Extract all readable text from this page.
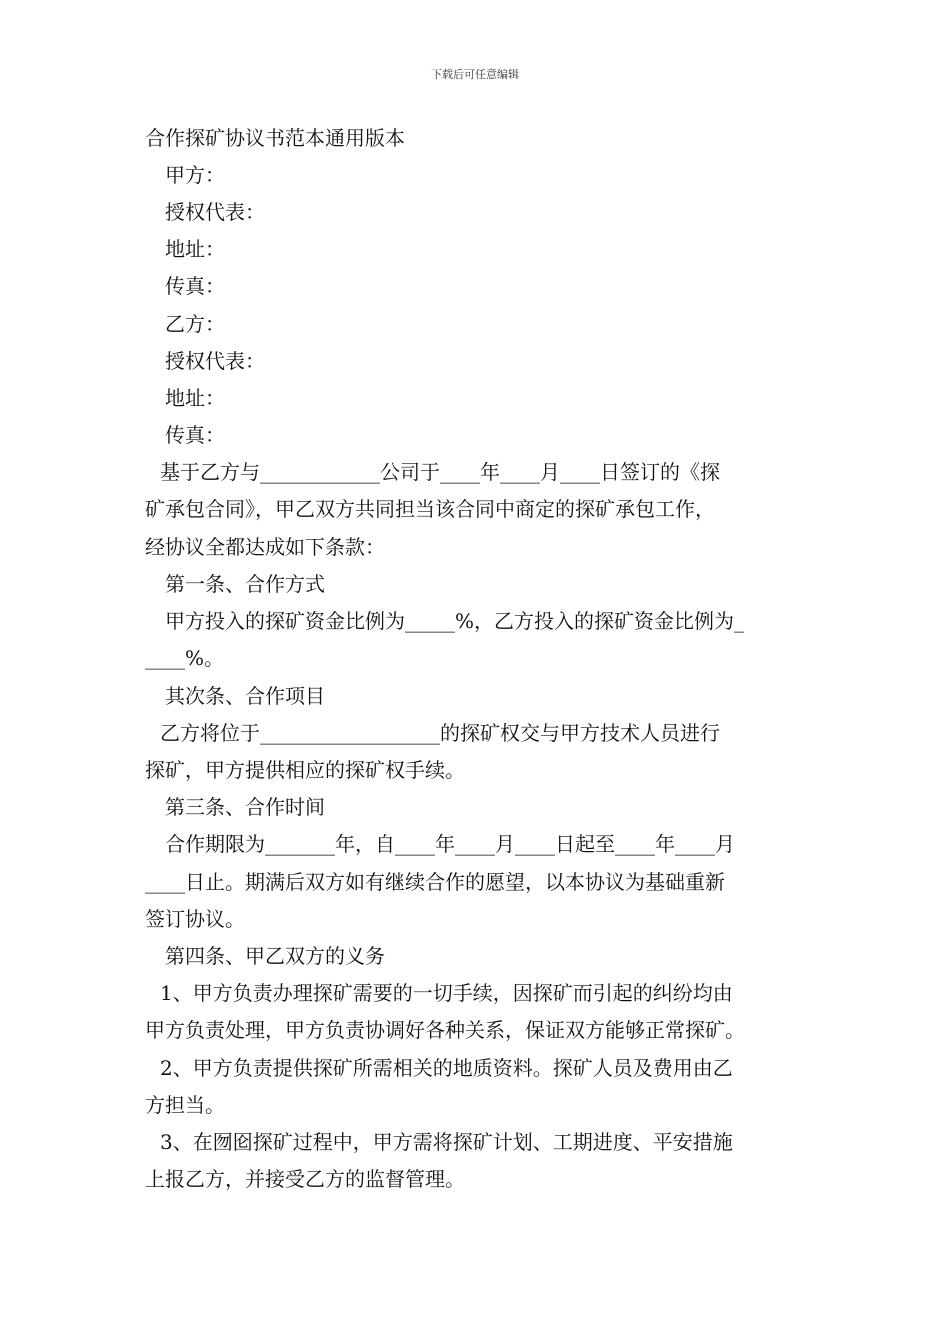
下载后可任意编辑
合作探矿协议书范本通用版本
甲方：
授权代表：
地址：
传真：
乙方：
授权代表：
地址：
传真：
基于乙方与____________公司于____年____月____日签订的《探
矿承包合同》，甲乙双方共同担当该合同中商定的探矿承包工作，
经协议全都达成如下条款：
第一条、合作方式
甲方投入的探矿资金比例为_____%，乙方投入的探矿资金比例为_
____%。
其次条、合作项目
乙方将位于__________________的探矿权交与甲方技术人员进行
探矿，甲方提供相应的探矿权手续。
第三条、合作时间
合作期限为_______年，自____年____月____日起至____年____月
____日止。期满后双方如有继续合作的愿望，以本协议为基础重新
签订协议。
第四条、甲乙双方的义务
1、甲方负责办理探矿需要的一切手续，因探矿而引起的纠纷均由
甲方负责处理，甲方负责协调好各种关系，保证双方能够正常探矿。
2、甲方负责提供探矿所需相关的地质资料。探矿人员及费用由乙
方担当。
3、在囫囵探矿过程中，甲方需将探矿计划、工期进度、平安措施
上报乙方，并接受乙方的监督管理。
